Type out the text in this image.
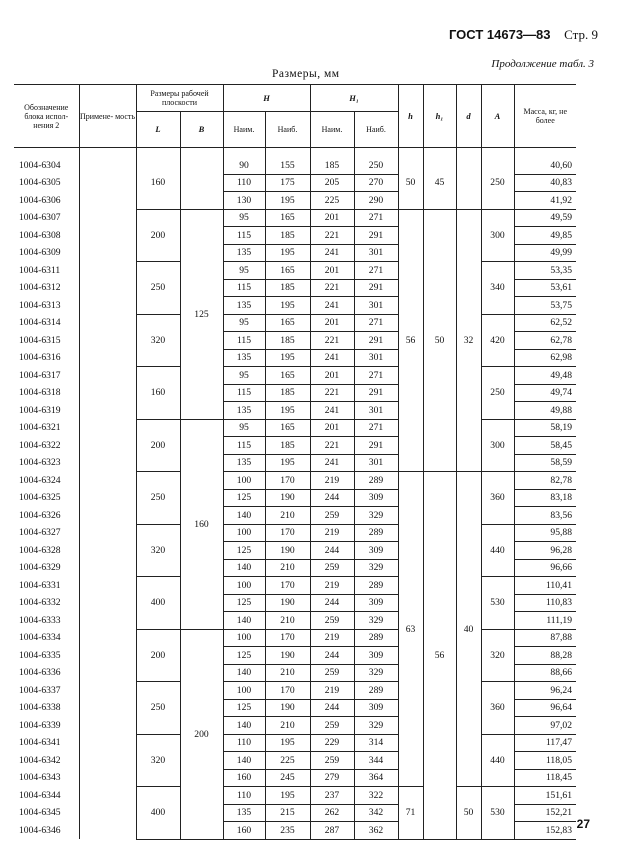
ГОСТ 14673—83 Стр. 9
Продолжение табл. 3
Размеры, мм
Обозначение блока испол- нения 2	Примене- мость	Размеры рабочей плоскости		H		H₁		h	h₁	d	A	Масса, кг, не более
		L	B	Наим.	Наиб.	Наим.	Наиб.					

1004-6304		160		90	155	185	250	50	45		250	40,60
1004-6305				110	175	205	270					40,83
1004-6306				130	195	225	290					41,92
1004-6307		200	125	95	165	201	271	56	50	32	300	49,59
1004-6308				115	185	221	291					49,85
1004-6309				135	195	241	301					49,99
1004-6311		250		95	165	201	271				340	53,35
1004-6312				115	185	221	291					53,61
1004-6313				135	195	241	301					53,75
1004-6314		320		95	165	201	271				420	62,52
1004-6315				115	185	221	291					62,78
1004-6316				135	195	241	301					62,98
1004-6317		160		95	165	201	271				250	49,48
1004-6318				115	185	221	291					49,74
1004-6319				135	195	241	301					49,88
1004-6321		200	160	95	165	201	271				300	58,19
1004-6322				115	185	221	291					58,45
1004-6323				135	195	241	301					58,59
1004-6324		250		100	170	219	289	63	56	40	360	82,78
1004-6325				125	190	244	309					83,18
1004-6326				140	210	259	329					83,56
1004-6327		320		100	170	219	289				440	95,88
1004-6328				125	190	244	309					96,28
1004-6329				140	210	259	329					96,66
1004-6331		400		100	170	219	289				530	110,41
1004-6332				125	190	244	309					110,83
1004-6333				140	210	259	329					111,19
1004-6334		200	200	100	170	219	289				320	87,88
1004-6335				125	190	244	309					88,28
1004-6336				140	210	259	329					88,66
1004-6337		250		100	170	219	289				360	96,24
1004-6338				125	190	244	309					96,64
1004-6339				140	210	259	329					97,02
1004-6341		320		110	195	229	314				440	117,47
1004-6342				140	225	259	344					118,05
1004-6343				160	245	279	364					118,45
1004-6344		400		110	195	237	322	71		50	530	151,61
1004-6345				135	215	262	342					152,21
1004-6346				160	235	287	362					152,83 27
